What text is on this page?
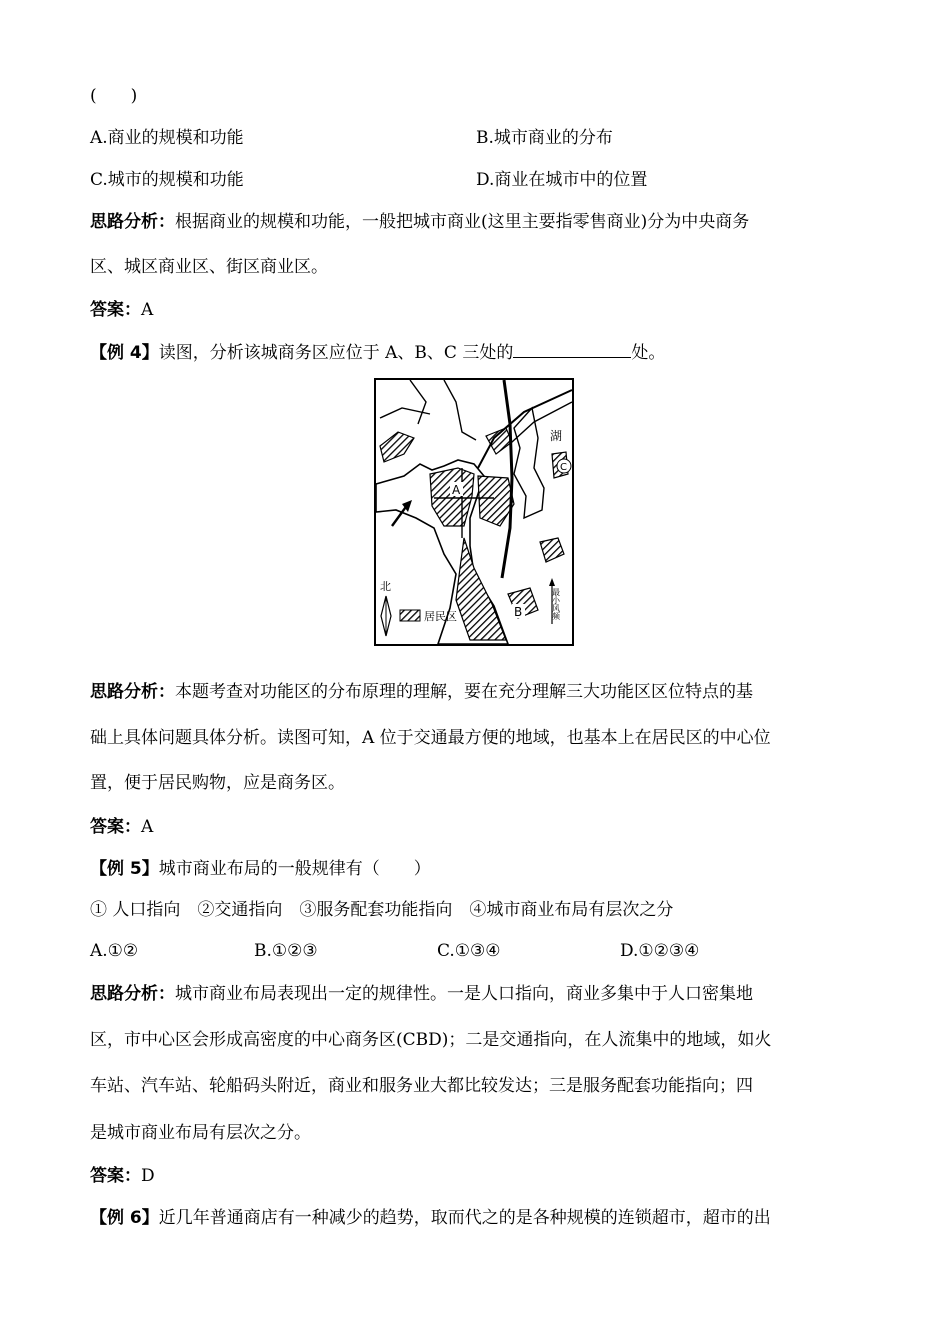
(　　)
A.商业的规模和功能	B.城市商业的分布
C.城市的规模和功能	D.商业在城市中的位置
思路分析：根据商业的规模和功能，一般把城市商业(这里主要指零售商业)分为中央商务
区、城区商业区、街区商业区。
答案：A
【例 4】读图，分析该城商务区应位于 A、B、C 三处的	处。
A
B
C
湖
北
居民区	最小风频
思路分析：本题考查对功能区的分布原理的理解，要在充分理解三大功能区区位特点的基
础上具体问题具体分析。读图可知，A 位于交通最方便的地域，也基本上在居民区的中心位
置，便于居民购物，应是商务区。
答案：A
【例 5】城市商业布局的一般规律有（　　）
① 人口指向　②交通指向　③服务配套功能指向　④城市商业布局有层次之分
A.①②	B.①②③	C.①③④	D.①②③④
思路分析：城市商业布局表现出一定的规律性。一是人口指向，商业多集中于人口密集地
区，市中心区会形成高密度的中心商务区(CBD)；二是交通指向，在人流集中的地域，如火
车站、汽车站、轮船码头附近，商业和服务业大都比较发达；三是服务配套功能指向；四
是城市商业布局有层次之分。
答案：D
【例 6】近几年普通商店有一种减少的趋势，取而代之的是各种规模的连锁超市，超市的出
